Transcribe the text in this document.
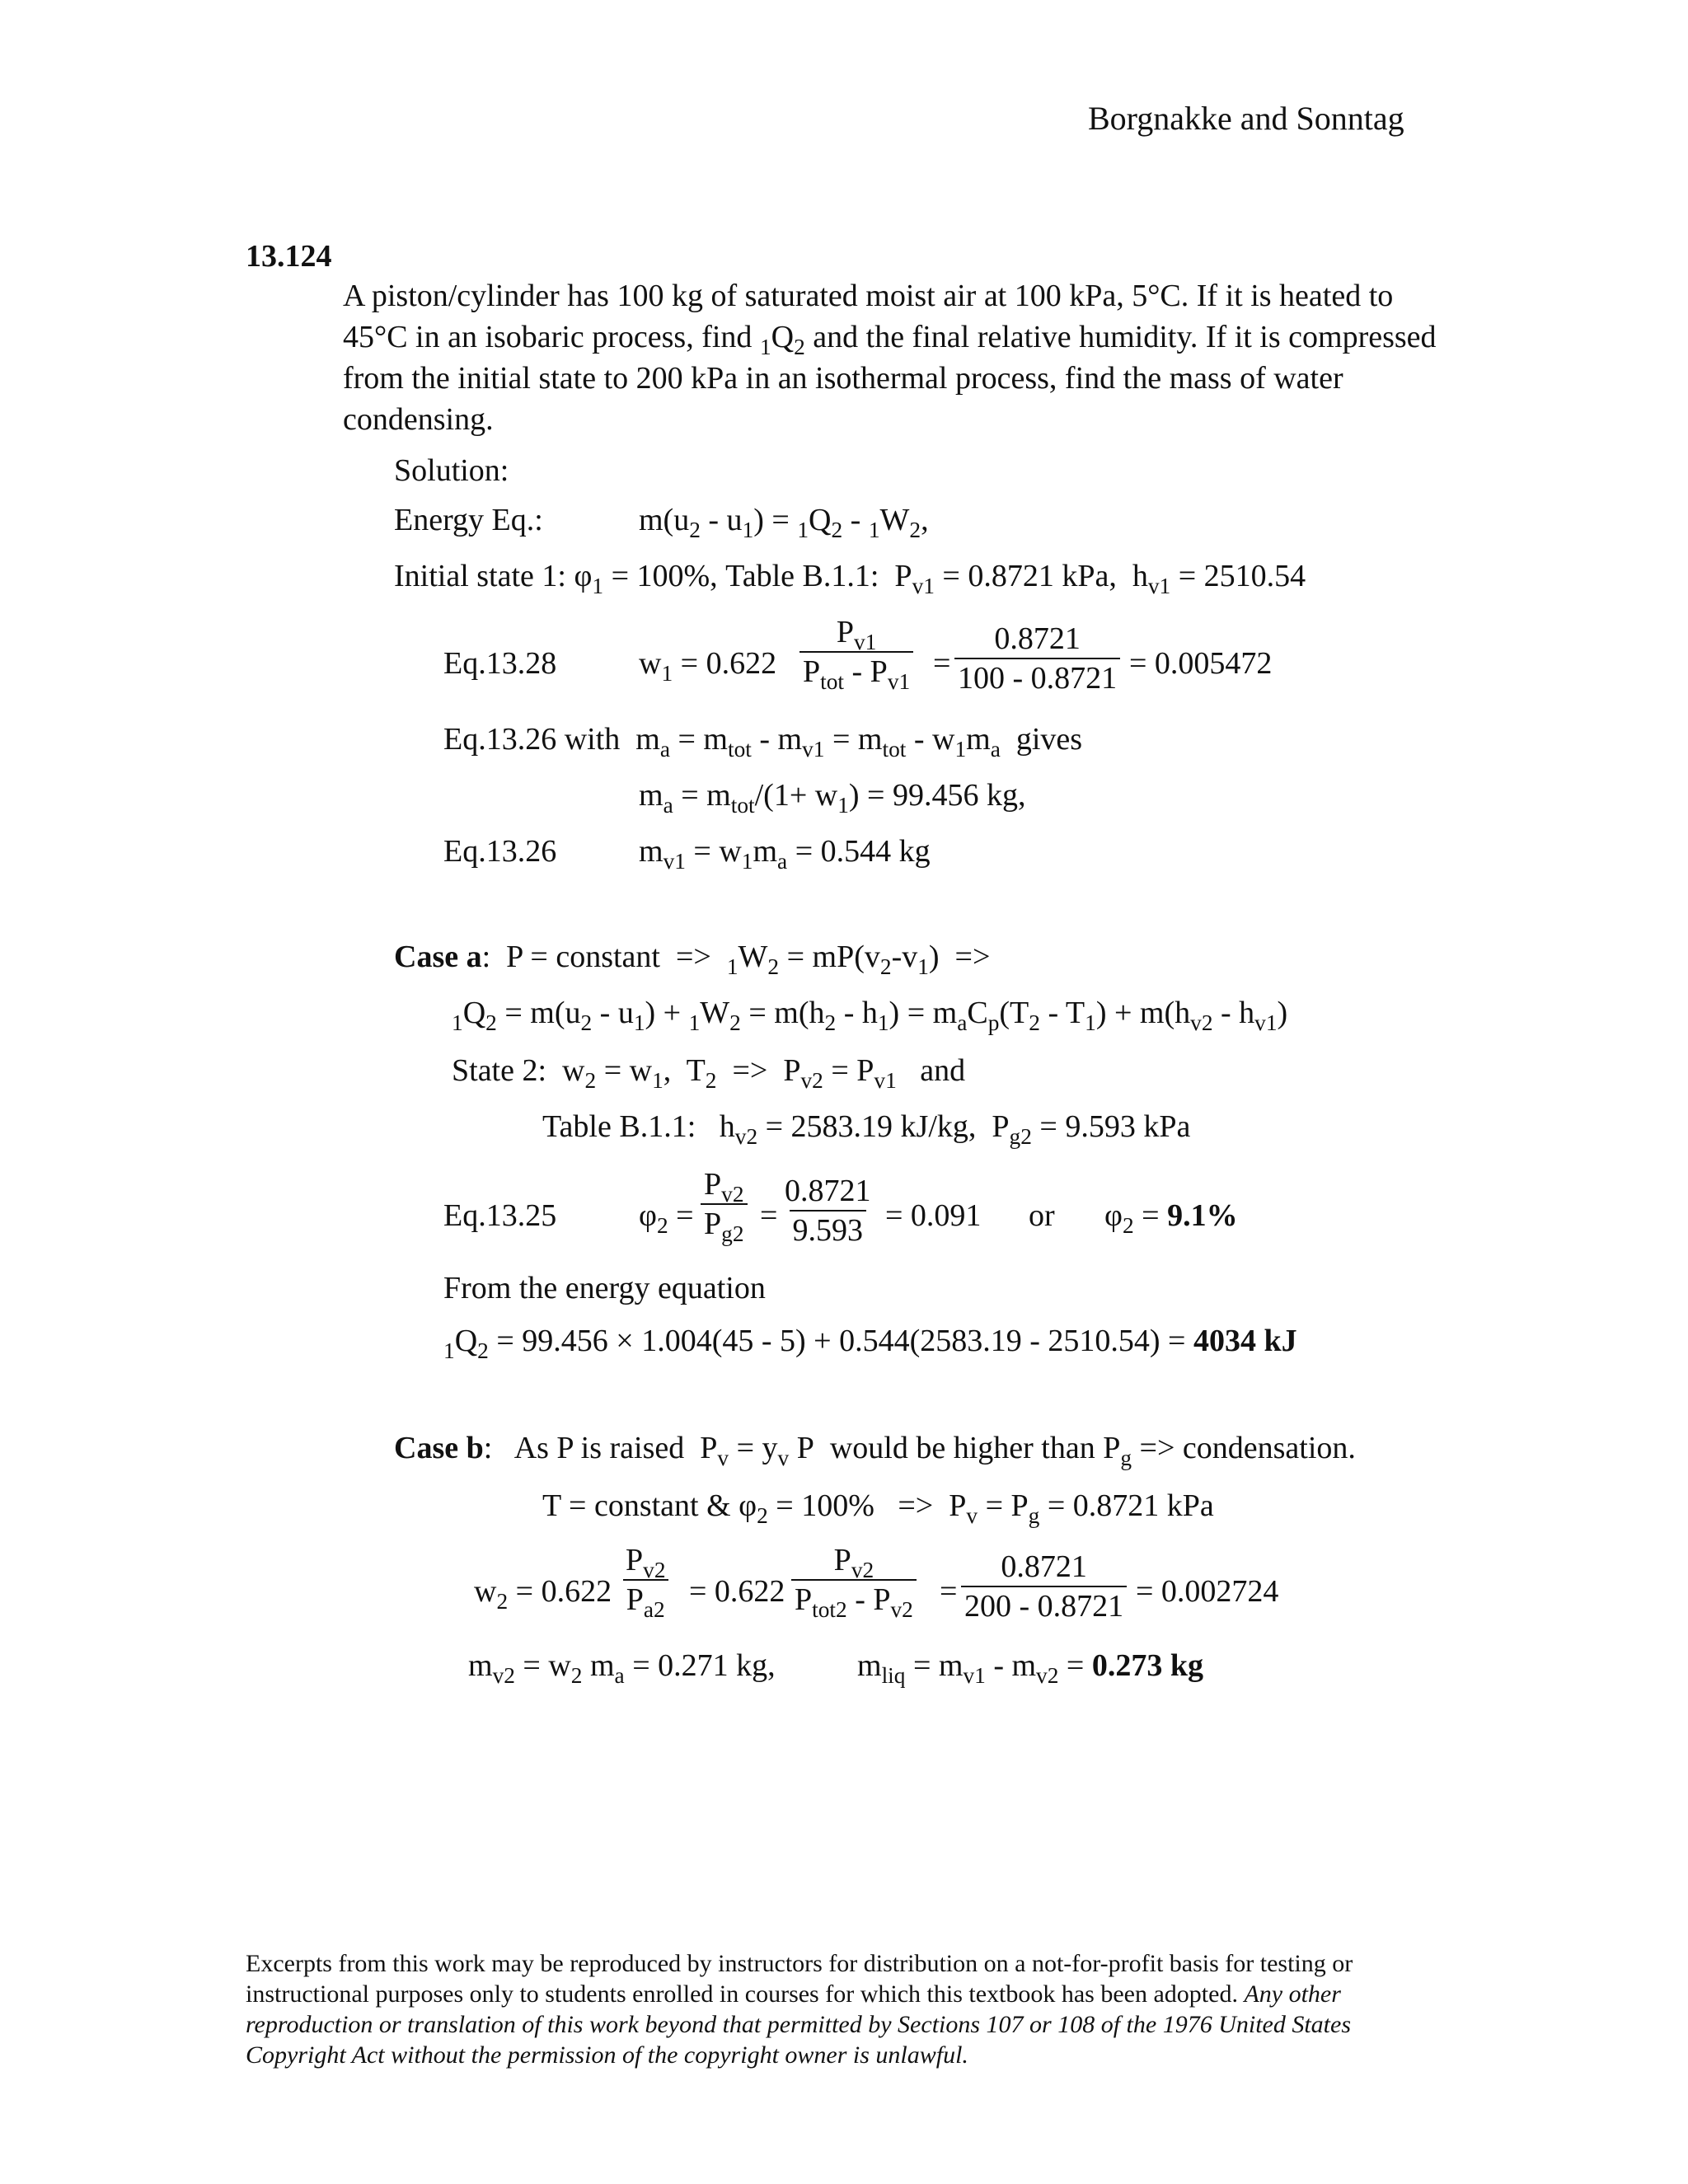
Borgnakke and Sonntag
13.124
A piston/cylinder has 100 kg of saturated moist air at 100 kPa, 5°C. If it is heated to 45°C in an isobaric process, find $_1Q_2$ and the final relative humidity. If it is compressed from the initial state to 200 kPa in an isothermal process, find the mass of water condensing.
Solution:
Energy Eq.:	$m(u_2 - u_1) = _1Q_2 - _1W_2$,
Initial state 1: $\varphi_1 = 100\%$, Table B.1.1:  $P_{v1} = 0.8721$ kPa,  $h_{v1} = 2510.54$
Eq.13.28	$w_1 = 0.622$
$P_{v1}$
$P_{tot} - P_{v1}$
= $\frac{0.8721}{100 - 0.8721} = 0.005472$
Eq.13.26 with  $m_a = m_{tot} - m_{v1} = m_{tot} - w_1m_a$ gives
$m_a = m_{tot}/(1+ w_1) = 99.456$ kg,
Eq.13.26	$m_{v1} = w_1m_a = 0.544$ kg
Case a:  P = constant  =>  $_1W_2 = mP(v_2-v_1)$  =>
$_1Q_2 = m(u_2 - u_1) + _1W_2 = m(h_2 - h_1) = m_aC_p(T_2 - T_1) + m(h_{v2} - h_{v1})$
State 2:  $w_2 = w_1$,  $T_2 => P_{v2} = P_{v1}$ and
Table B.1.1:   $h_{v2} = 2583.19$ kJ/kg,  $P_{g2} = 9.593$ kPa
Eq.13.25	$\varphi_2 = \frac{P_{v2}}{P_{g2}} = \frac{0.8721}{9.593} = 0.091$ or $\varphi_2 = 9.1\%$
From the energy equation
$_1Q_2 = 99.456 \times 1.004(45 - 5) + 0.544(2583.19 - 2510.54) = 4034$ kJ
Case b:   As P is raised  $P_v = y_v$ P  would be higher than $P_g$ => condensation.
T = constant & $\varphi_2 = 100\% => P_v = P_g = 0.8721$ kPa
$w_2 = 0.622 \frac{P_{v2}}{P_{a2}} = 0.622$
$P_{v2}$
$P_{tot2} - P_{v2}$
= $\frac{0.8721}{200 - 0.8721} = 0.002724$
$m_{v2} = w_2$ $m_a = 0.271$ kg,	$m_{liq} = m_{v1} - m_{v2} = 0.273$ kg
Excerpts from this work may be reproduced by instructors for distribution on a not-for-profit basis for testing or instructional purposes only to students enrolled in courses for which this textbook has been adopted. Any other reproduction or translation of this work beyond that permitted by Sections 107 or 108 of the 1976 United States Copyright Act without the permission of the copyright owner is unlawful.
